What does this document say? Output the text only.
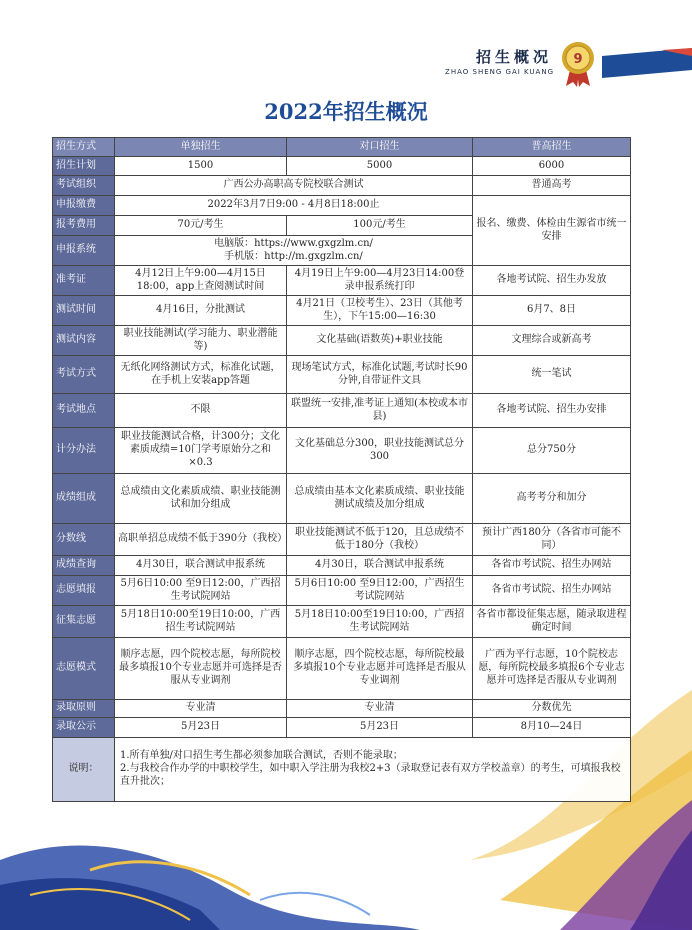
招生概况
ZHAO SHENG GAI KUANG
9
2022年招生概况
招生方式	单独招生	对口招生	普高招生
招生计划	1500	5000	6000
考试组织	广西公办高职高专院校联合测试		普通高考
申报缴费	2022年3月7日9:00 - 4月8日18:00止		报名、缴费、体检由生源省市统一安排
报考费用	70元/考生	100元/考生	
申报系统	电脑版：https://www.gxgzlm.cn/
手机版：http://m.gxgzlm.cn/		

准考证	4月12日上午9:00—4月15日18:00，app上查阅测试时间	4月19日上午9:00—4月23日14:00登录申报系统打印	各地考试院、招生办发放
测试时间	4月16日，分批测试	4月21日（卫校考生）、23日（其他考生），下午15:00—16:30	6月7、8日
测试内容	职业技能测试(学习能力、职业潜能等)	文化基础(语数英)+职业技能	文理综合或新高考
考试方式	无纸化网络测试方式，标准化试题，在手机上安装app答题	现场笔试方式，标准化试题,考试时长90分钟,自带证件文具	统一笔试
考试地点	不限	联盟统一安排,准考证上通知(本校或本市县)	各地考试院、招生办安排
计分办法	职业技能测试合格，计300分；文化素质成绩=10门学考原始分之和×0.3	文化基础总分300，职业技能测试总分300	总分750分
成绩组成	总成绩由文化素质成绩、职业技能测试和加分组成	总成绩由基本文化素质成绩、职业技能测试成绩及加分组成	高考考分和加分
分数线	高职单招总成绩不低于390分（我校）	职业技能测试不低于120，且总成绩不低于180分（我校）	预计广西180分（各省市可能不同）
成绩查询	4月30日，联合测试申报系统	4月30日，联合测试申报系统	各省市考试院、招生办网站
志愿填报	5月6日10:00 至9日12:00，广西招生考试院网站	5月6日10:00 至9日12:00，广西招生考试院网站	各省市考试院、招生办网站
征集志愿	5月18日10:00至19日10:00，广西招生考试院网站	5月18日10:00至19日10:00，广西招生考试院网站	各省市都设征集志愿，随录取进程确定时间
志愿模式	顺序志愿，四个院校志愿，每所院校最多填报10个专业志愿并可选择是否服从专业调剂	顺序志愿，四个院校志愿，每所院校最多填报10个专业志愿并可选择是否服从专业调剂	广西为平行志愿，10个院校志愿，每所院校最多填报6个专业志愿并可选择是否服从专业调剂
录取原则	专业清	专业清	分数优先
录取公示	5月23日	5月23日	8月10—24日
说明：	1.所有单独/对口招生考生都必须参加联合测试，否则不能录取；
2.与我校合作办学的中职校学生，如中职入学注册为我校2+3（录取登记表有双方学校盖章）的考生，可填报我校直升批次；		
